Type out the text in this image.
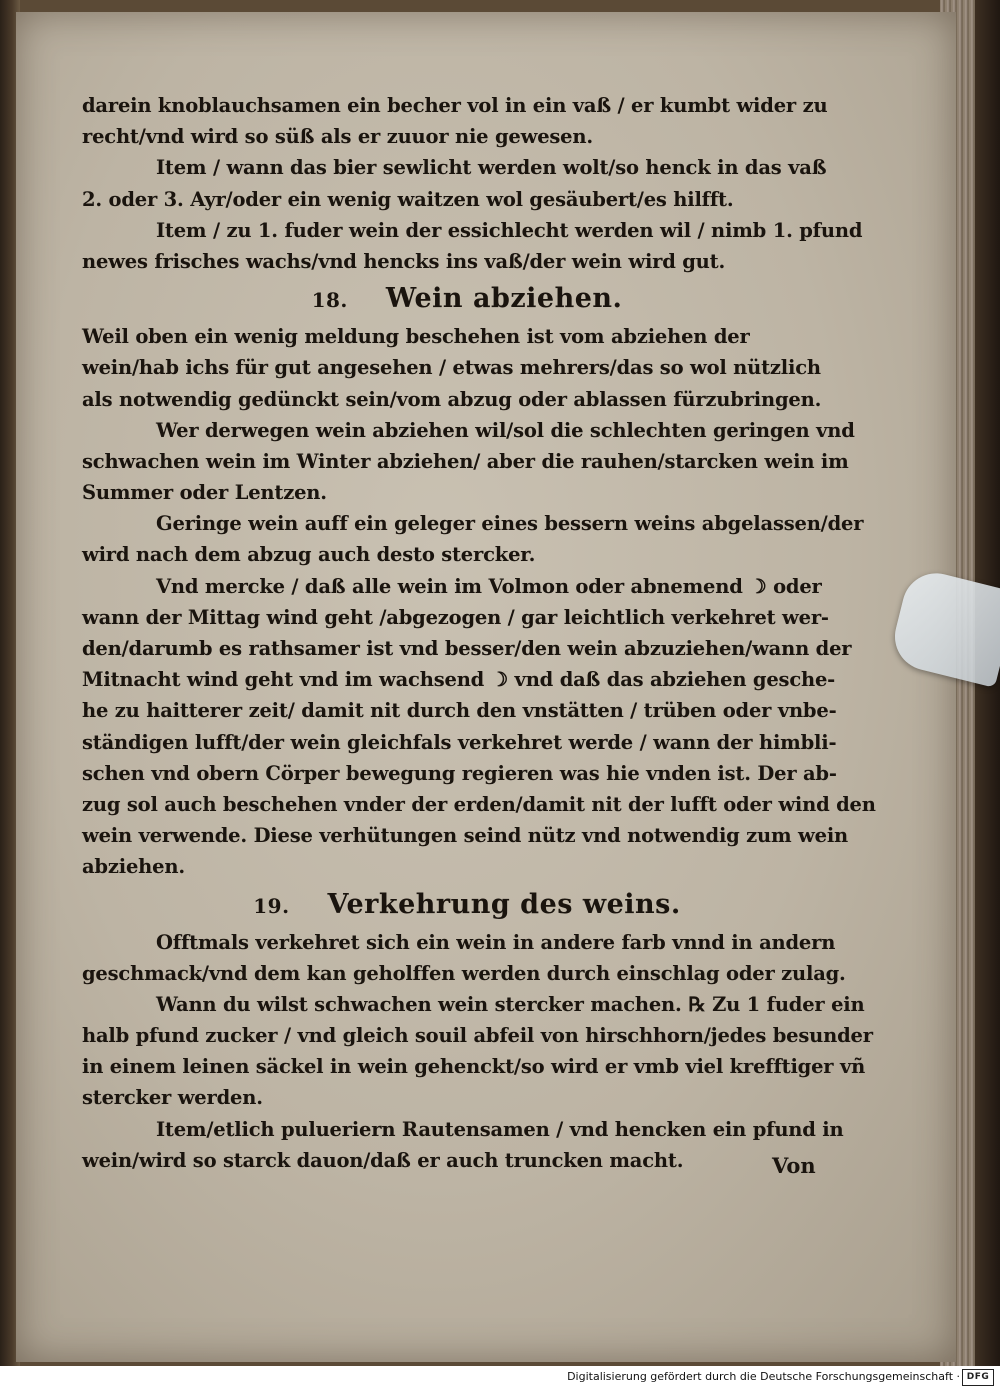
darein knoblauchsamen ein becher vol in ein vaß / er kumbt wider zu
recht/vnd wird so süß als er zuuor nie gewesen.
Item / wann das bier sewlicht werden wolt/so henck in das vaß
2. oder 3. Ayr/oder ein wenig waitzen wol gesäubert/es hilfft.
Item / zu 1. fuder wein der essichlecht werden wil / nimb 1. pfund
newes frisches wachs/vnd hencks ins vaß/der wein wird gut.
18. Wein abziehen.
Weil oben ein wenig meldung beschehen ist vom abziehen der
wein/hab ichs für gut angesehen / etwas mehrers/das so wol nützlich
als notwendig gedünckt sein/vom abzug oder ablassen fürzubringen.
Wer derwegen wein abziehen wil/sol die schlechten geringen vnd
schwachen wein im Winter abziehen/ aber die rauhen/starcken wein im
Summer oder Lentzen.
Geringe wein auff ein geleger eines bessern weins abgelassen/der
wird nach dem abzug auch desto stercker.
Vnd mercke / daß alle wein im Volmon oder abnemend ☽ oder
wann der Mittag wind geht /abgezogen / gar leichtlich verkehret wer-
den/darumb es rathsamer ist vnd besser/den wein abzuziehen/wann der
Mitnacht wind geht vnd im wachsend ☽ vnd daß das abziehen gesche-
he zu haitterer zeit/ damit nit durch den vnstätten / trüben oder vnbe-
ständigen lufft/der wein gleichfals verkehret werde / wann der himbli-
schen vnd obern Cörper bewegung regieren was hie vnden ist. Der ab-
zug sol auch beschehen vnder der erden/damit nit der lufft oder wind den
wein verwende. Diese verhütungen seind nütz vnd notwendig zum wein
abziehen.
19. Verkehrung des weins.
Offtmals verkehret sich ein wein in andere farb vnnd in andern
geschmack/vnd dem kan geholffen werden durch einschlag oder zulag.
Wann du wilst schwachen wein stercker machen. ℞ Zu 1 fuder ein
halb pfund zucker / vnd gleich souil abfeil von hirschhorn/jedes besunder
in einem leinen säckel in wein gehenckt/so wird er vmb viel krefftiger vñ
stercker werden.
Item/etlich pulueriern Rautensamen / vnd hencken ein pfund in
wein/wird so starck dauon/daß er auch truncken macht.	Von
Digitalisierung gefördert durch die Deutsche Forschungsgemeinschaft · DFG
